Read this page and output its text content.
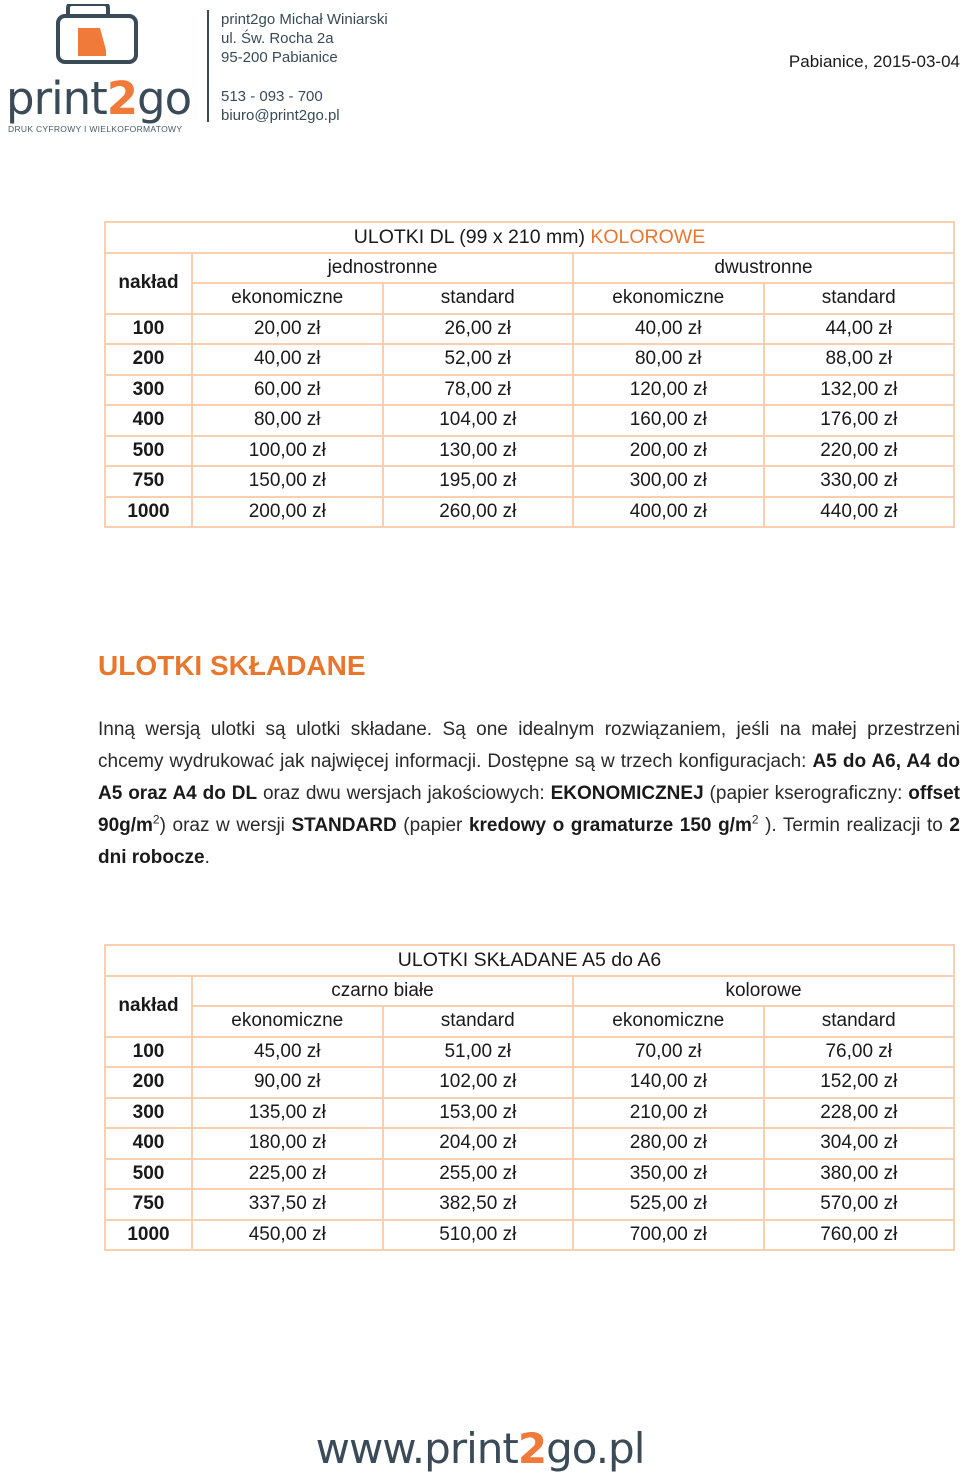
print2go
DRUK CYFROWY I WIELKOFORMATOWY
print2go Michał Winiarski
ul. Św. Rocha 2a
95-200 Pabianice
513 - 093 - 700
biuro@print2go.pl
Pabianice, 2015-03-04
ULOTKI DL (99 x 210 mm) KOLOROWE				
nakład	jednostronne		dwustronne	
	ekonomiczne	standard	ekonomiczne	standard
100	20,00 zł	26,00 zł	40,00 zł	44,00 zł
200	40,00 zł	52,00 zł	80,00 zł	88,00 zł
300	60,00 zł	78,00 zł	120,00 zł	132,00 zł
400	80,00 zł	104,00 zł	160,00 zł	176,00 zł
500	100,00 zł	130,00 zł	200,00 zł	220,00 zł
750	150,00 zł	195,00 zł	300,00 zł	330,00 zł
1000	200,00 zł	260,00 zł	400,00 zł	440,00 zł
ULOTKI SKŁADANE
Inną wersją ulotki są ulotki składane. Są one idealnym rozwiązaniem, jeśli na małej przestrzeni chcemy wydrukować jak najwięcej informacji. Dostępne są w trzech konfiguracjach: A5 do A6, A4 do A5 oraz A4 do DL oraz dwu wersjach jakościowych: EKONOMICZNEJ (papier kserograficzny: offset $90g/m^2$) oraz w wersji STANDARD (papier kredowy o gramaturze 150 $g/m^2$ ). Termin realizacji to 2 dni robocze.
ULOTKI SKŁADANE A5 do A6				
nakład	czarno białe		kolorowe	
	ekonomiczne	standard	ekonomiczne	standard
100	45,00 zł	51,00 zł	70,00 zł	76,00 zł
200	90,00 zł	102,00 zł	140,00 zł	152,00 zł
300	135,00 zł	153,00 zł	210,00 zł	228,00 zł
400	180,00 zł	204,00 zł	280,00 zł	304,00 zł
500	225,00 zł	255,00 zł	350,00 zł	380,00 zł
750	337,50 zł	382,50 zł	525,00 zł	570,00 zł
1000	450,00 zł	510,00 zł	700,00 zł	760,00 zł
www.print2go.pl
